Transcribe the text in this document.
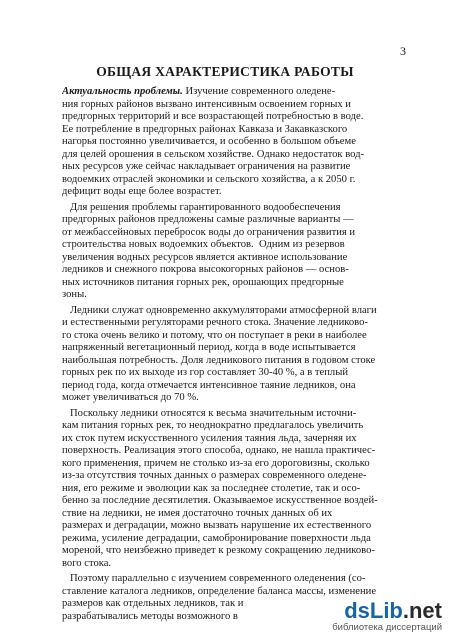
3
ОБЩАЯ ХАРАКТЕРИСТИКА РАБОТЫ
Актуальность проблемы. Изучение современного оледене-
ния горных районов вызвано интенсивным освоением горных и
предгорных территорий и все возрастающей потребностью в воде.
Ее потребление в предгорных районах Кавказа и Закавказского
нагорья постоянно увеличивается, и особенно в большом объеме
для целей орошения в сельском хозяйстве. Однако недостаток вод-
ных ресурсов уже сейчас накладывает ограничения на развитие
водоемких отраслей экономики и сельского хозяйства, а к 2050 г.
дефицит воды еще более возрастет.
Для решения проблемы гарантированного водообеспечения
предгорных районов предложены самые различные варианты —
от межбассейновых перебросок воды до ограничения развития и
строительства новых водоемких объектов.  Одним из резервов
увеличения водных ресурсов является активное использование
ледников и снежного покрова высокогорных районов — основ-
ных источников питания горных рек, орошающих предгорные
зоны.
Ледники служат одновременно аккумуляторами атмосферной влаги
и естественными регуляторами речного стока. Значение ледниково-
го стока очень велико и потому, что он поступает в реки в наиболее
напряженный вегетационный период, когда в воде испытывается
наибольшая потребность. Доля ледникового питания в годовом стоке
горных рек по их выходе из гор составляет 30-40 %, а в теплый
период года, когда отмечается интенсивное таяние ледников, она
может увеличиваться до 70 %.
Поскольку ледники относятся к весьма значительным источни-
кам питания горных рек, то неоднократно предлагалось увеличить
их сток путем искусственного усиления таяния льда, зачерняя их
поверхность. Реализация этого способа, однако, не нашла практичес-
кого применения, причем не столько из-за его дороговизны, сколько
из-за отсутствия точных данных о размерах современного оледене-
ния, его режиме и эволюции как за последнее столетие, так и осо-
бенно за последние десятилетия. Оказываемое искусственное воздей-
ствие на ледники, не имея достаточно точных данных об их
размерах и деградации, можно вызвать нарушение их естественного
режима, усиление деградации, самобронирование поверхности льда
мореной, что неизбежно приведет к резкому сокращению ледниково-
вого стока.
Поэтому параллельно с изучением современного оледенения (со-
ставление каталога ледников, определение баланса массы, изменение
размеров как отдельных ледников, так и
разрабатывались методы возможного в	dsLib.net
библиотека диссертаций
